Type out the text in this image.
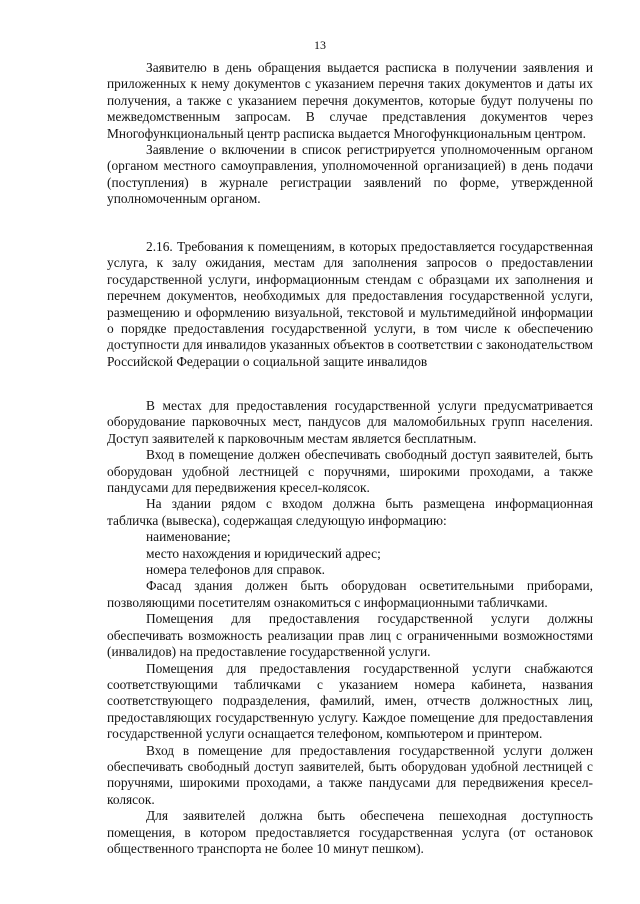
13

Заявителю в день обращения выдается расписка в получении заявления и приложенных к нему документов с указанием перечня таких документов и даты их получения, а также с указанием перечня документов, которые будут получены по межведомственным запросам. В случае представления документов через Многофункциональный центр расписка выдается Многофункциональным центром.

Заявление о включении в список регистрируется уполномоченным органом (органом местного самоуправления, уполномоченной организацией) в день подачи (поступления) в журнале регистрации заявлений по форме, утвержденной уполномоченным органом.

2.16. Требования к помещениям, в которых предоставляется государственная услуга, к залу ожидания, местам для заполнения запросов о предоставлении государственной услуги, информационным стендам с образцами их заполнения и перечнем документов, необходимых для предоставления государственной услуги, размещению и оформлению визуальной, текстовой и мультимедийной информации о порядке предоставления государственной услуги, в том числе к обеспечению доступности для инвалидов указанных объектов в соответствии с законодательством Российской Федерации о социальной защите инвалидов

В местах для предоставления государственной услуги предусматривается оборудование парковочных мест, пандусов для маломобильных групп населения. Доступ заявителей к парковочным местам является бесплатным.

Вход в помещение должен обеспечивать свободный доступ заявителей, быть оборудован удобной лестницей с поручнями, широкими проходами, а также пандусами для передвижения кресел-колясок.

На здании рядом с входом должна быть размещена информационная табличка (вывеска), содержащая следующую информацию:

наименование;

место нахождения и юридический адрес;

номера телефонов для справок.

Фасад здания должен быть оборудован осветительными приборами, позволяющими посетителям ознакомиться с информационными табличками.

Помещения для предоставления государственной услуги должны обеспечивать возможность реализации прав лиц с ограниченными возможностями (инвалидов) на предоставление государственной услуги.

Помещения для предоставления государственной услуги снабжаются соответствующими табличками с указанием номера кабинета, названия соответствующего подразделения, фамилий, имен, отчеств должностных лиц, предоставляющих государственную услугу. Каждое помещение для предоставления государственной услуги оснащается телефоном, компьютером и принтером.

Вход в помещение для предоставления государственной услуги должен обеспечивать свободный доступ заявителей, быть оборудован удобной лестницей с поручнями, широкими проходами, а также пандусами для передвижения кресел-колясок.

Для заявителей должна быть обеспечена пешеходная доступность помещения, в котором предоставляется государственная услуга (от остановок общественного транспорта не более 10 минут пешком).
